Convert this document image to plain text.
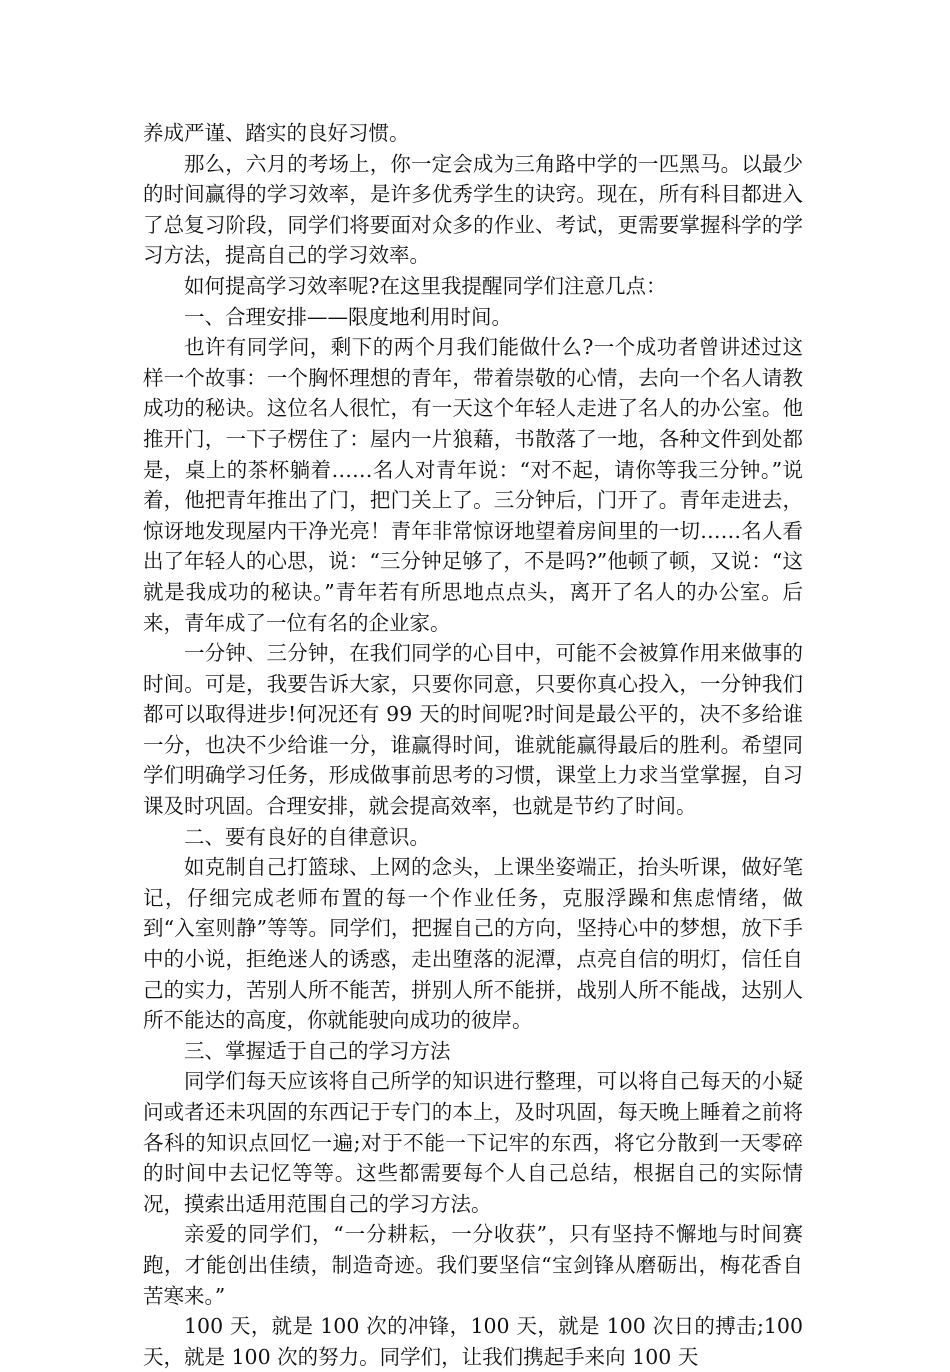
养成严谨、踏实的良好习惯。

那么，六月的考场上，你一定会成为三角路中学的一匹黑马。以最少的时间赢得的学习效率，是许多优秀学生的诀窍。现在，所有科目都进入了总复习阶段，同学们将要面对众多的作业、考试，更需要掌握科学的学习方法，提高自己的学习效率。

如何提高学习效率呢?在这里我提醒同学们注意几点：

一、合理安排——限度地利用时间。

也许有同学问，剩下的两个月我们能做什么?一个成功者曾讲述过这样一个故事：一个胸怀理想的青年，带着崇敬的心情，去向一个名人请教成功的秘诀。这位名人很忙，有一天这个年轻人走进了名人的办公室。他推开门，一下子楞住了：屋内一片狼藉，书散落了一地，各种文件到处都是，桌上的茶杯躺着……名人对青年说：“对不起，请你等我三分钟。”说着，他把青年推出了门，把门关上了。三分钟后，门开了。青年走进去，惊讶地发现屋内干净光亮！青年非常惊讶地望着房间里的一切……名人看出了年轻人的心思，说：“三分钟足够了，不是吗?”他顿了顿，又说：“这就是我成功的秘诀。”青年若有所思地点点头，离开了名人的办公室。后来，青年成了一位有名的企业家。

一分钟、三分钟，在我们同学的心目中，可能不会被算作用来做事的时间。可是，我要告诉大家，只要你同意，只要你真心投入，一分钟我们都可以取得进步!何况还有 99 天的时间呢?时间是最公平的，决不多给谁一分，也决不少给谁一分，谁赢得时间，谁就能赢得最后的胜利。希望同学们明确学习任务，形成做事前思考的习惯，课堂上力求当堂掌握，自习课及时巩固。合理安排，就会提高效率，也就是节约了时间。

二、要有良好的自律意识。

如克制自己打篮球、上网的念头，上课坐姿端正，抬头听课，做好笔记，仔细完成老师布置的每一个作业任务，克服浮躁和焦虑情绪，做到“入室则静”等等。同学们，把握自己的方向，坚持心中的梦想，放下手中的小说，拒绝迷人的诱惑，走出堕落的泥潭，点亮自信的明灯，信任自己的实力，苦别人所不能苦，拼别人所不能拼，战别人所不能战，达别人所不能达的高度，你就能驶向成功的彼岸。

三、掌握适于自己的学习方法

同学们每天应该将自己所学的知识进行整理，可以将自己每天的小疑问或者还未巩固的东西记于专门的本上，及时巩固，每天晚上睡着之前将各科的知识点回忆一遍;对于不能一下记牢的东西，将它分散到一天零碎的时间中去记忆等等。这些都需要每个人自己总结，根据自己的实际情况，摸索出适用范围自己的学习方法。

亲爱的同学们，“一分耕耘，一分收获”，只有坚持不懈地与时间赛跑，才能创出佳绩，制造奇迹。我们要坚信“宝剑锋从磨砺出，梅花香自苦寒来。”

100 天，就是 100 次的冲锋，100 天，就是 100 次日的搏击;100 天，就是 100 次的努力。同学们，让我们携起手来向 100 天
